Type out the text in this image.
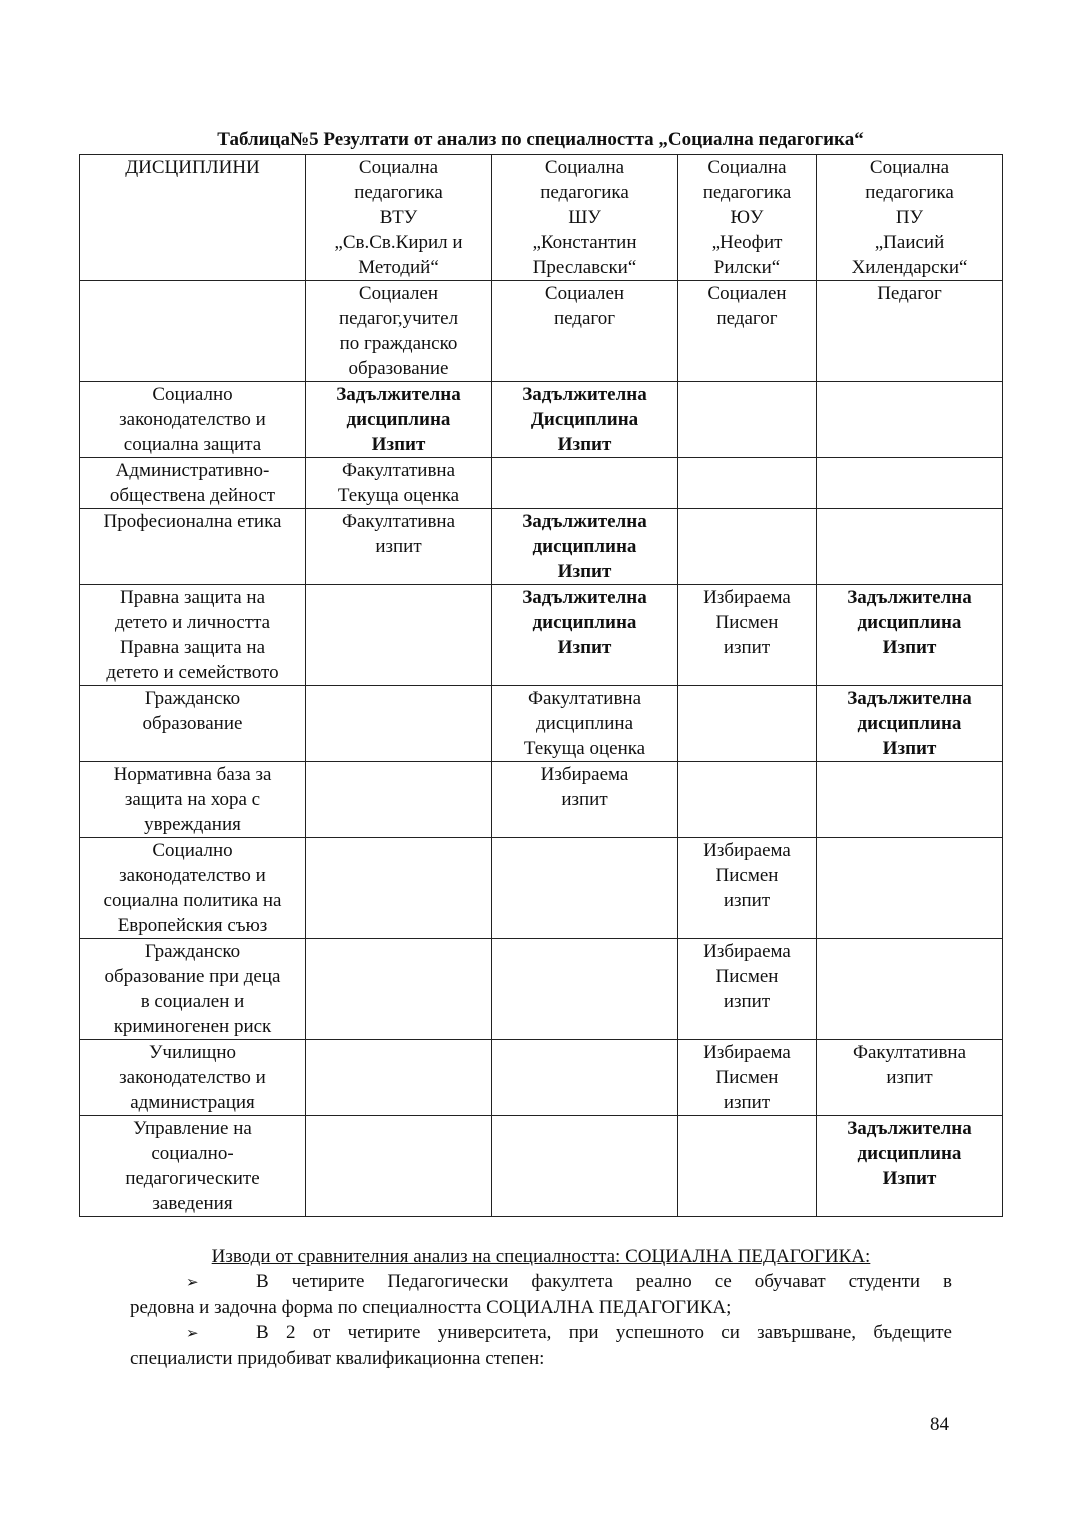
Таблица№5 Резултати от анализ по специалността „Социална педагогика“
ДИСЦИПЛИНИ	Социална
педагогика
ВТУ
„Св.Св.Кирил и
Методий“	Социална
педагогика
ШУ
„Константин
Преславски“	Социална
педагогика
ЮУ
„Неофит
Рилски“	Социална
педагогика
ПУ
„Паисий
Хилендарски“

	Социален
педагог,учител
по гражданско
образование	Социален
педагог	Социален
педагог	Педагог

Социално
законодателство и
социална защита	Задължителна
дисциплина
Изпит	Задължителна
Дисциплина
Изпит		

Административно-
обществена дейност	Факултативна
Текуща оценка			

Професионална етика	Факултативна
изпит	Задължителна
дисциплина
Изпит		

Правна защита на
детето и личността
Правна защита на
детето и семейството		Задължителна
дисциплина
Изпит	Избираема
Писмен
изпит	Задължителна
дисциплина
Изпит

Гражданско
образование		Факултативна
дисциплина
Текуща оценка		Задължителна
дисциплина
Изпит

Нормативна база за
защита на хора с
увреждания		Избираема
изпит		

Социално
законодателство и
социална политика на
Европейския съюз			Избираема
Писмен
изпит	

Гражданско
образование при деца
в социален и
криминогенен риск			Избираема
Писмен
изпит	

Училищно
законодателство и
администрация			Избираема
Писмен
изпит	Факултативна
изпит

Управление на
социално-
педагогическите
заведения				Задължителна
дисциплина
Изпит
Изводи от сравнителния анализ на специалността: СОЦИАЛНА ПЕДАГОГИКА:
➢	В четирите Педагогически факултета реално се обучават студенти в
редовна и задочна форма по специалността СОЦИАЛНА ПЕДАГОГИКА;
➢	В 2 от четирите университета, при успешното си завършване, бъдещите
специалисти придобиват квалификационна степен:
84
